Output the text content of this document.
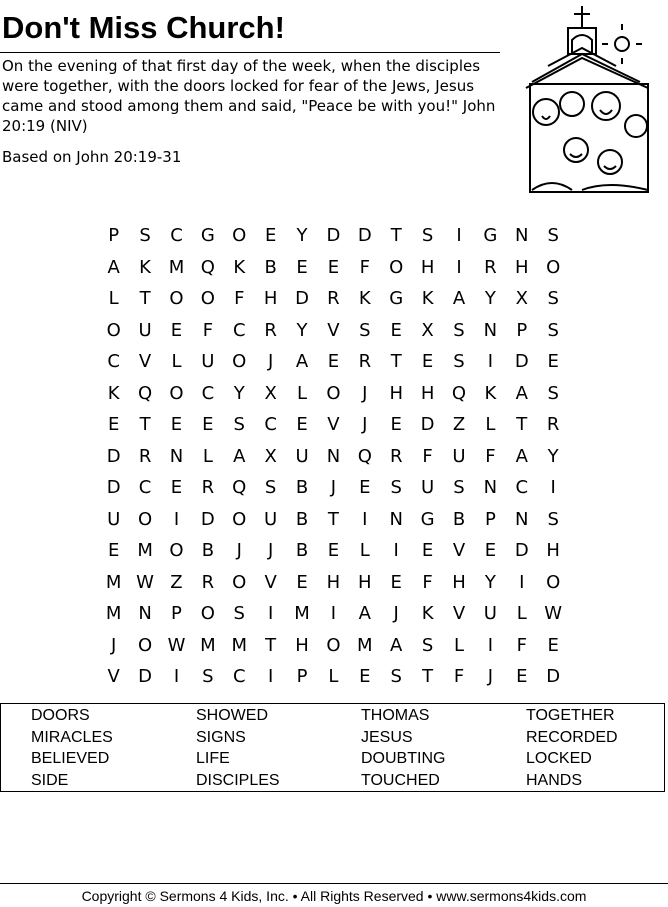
Don't Miss Church!
On the evening of that first day of the week, when the disciples were together, with the doors locked for fear of the Jews, Jesus came and stood among them and said, "Peace be with you!" John 20:19 (NIV)
Based on John 20:19-31
P	S	C	G O	E	Y	D D	T	S	I	G N	S
A	K M Q	K	B	E	E	F	O H	I	R	H O
L	T	O O	F	H D	R	K	G	K	A	Y	X	S
O U	E	F	C	R	Y	V	S	E	X	S	N	P	S
C	V	L	U O	J	A	E	R	T	E	S	I	D	E
K	Q O	C	Y	X	L	O	J	H H Q	K	A	S
E	T	E	E	S	C	E	V	J	E	D	Z	L	T	R
D	R	N	L	A	X	U	N Q	R	F	U	F	A	Y
D	C	E	R	Q	S	B	J	E	S	U	S	N	C	I
U O	I	D O U	B	T	I	N G	B	P	N	S
E M O	B	J	J	B	E	L	I	E	V	E	D H
M W Z	R	O	V	E	H H	E	F	H	Y	I	O
M N	P	O	S	I	M	I	A	J	K	V	U	L W
J	O W M M	T	H O M A	S	L	I	F	E
V	D	I	S	C	I	P	L	E	S	T	F	J	E	D
DOORS	SHOWED	THOMAS	TOGETHER
MIRACLES	SIGNS	JESUS	RECORDED
BELIEVED	LIFE	DOUBTING	LOCKED
SIDE	DISCIPLES	TOUCHED	HANDS
Copyright © Sermons 4 Kids, Inc. • All Rights Reserved • www.sermons4kids.com
